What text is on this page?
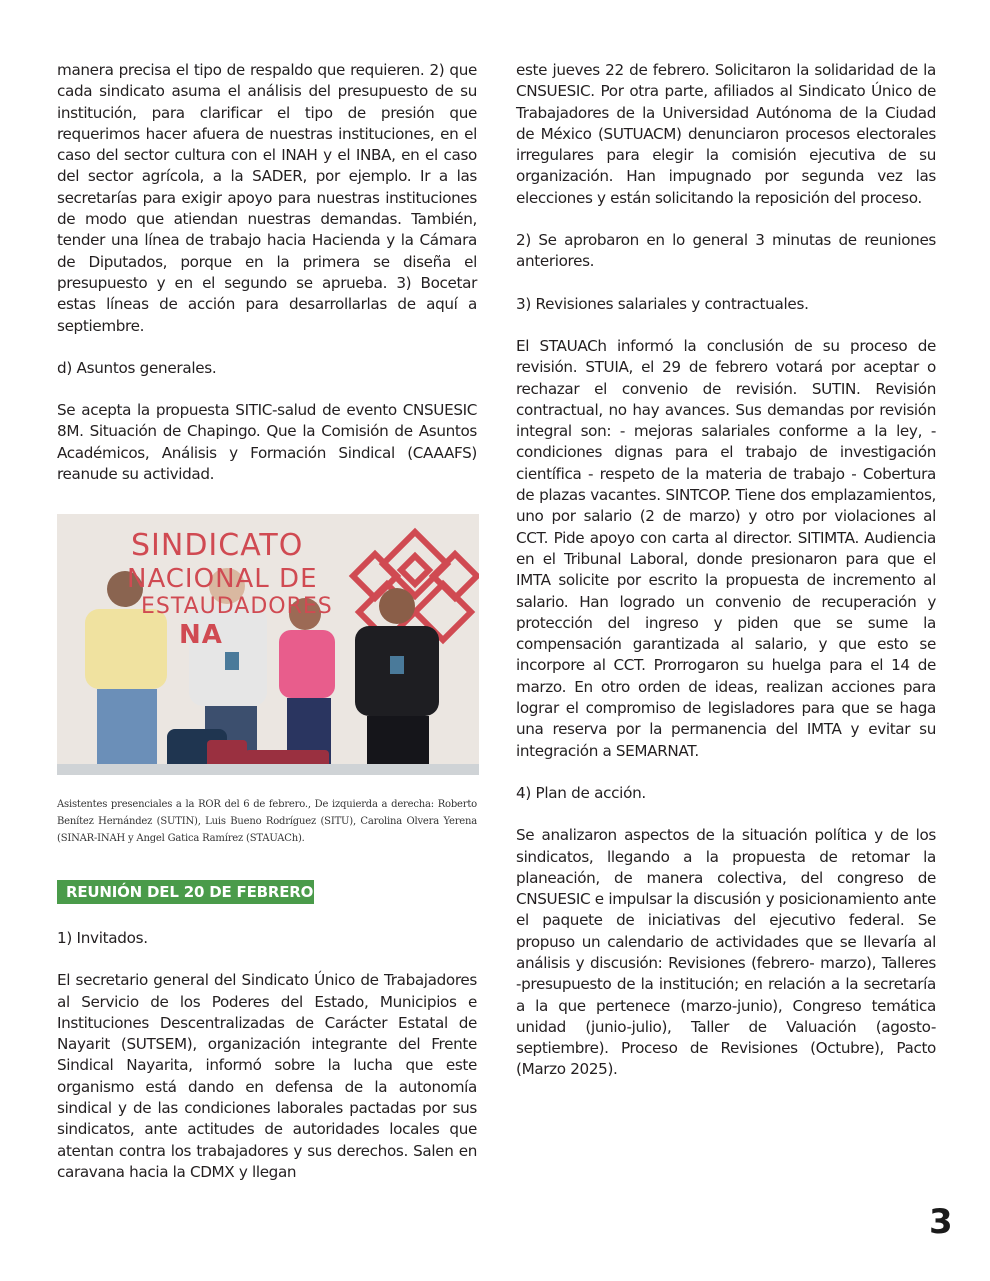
manera precisa el tipo de respaldo que requieren. 2) que cada sindicato asuma el análisis del presupuesto de su institución, para clarificar el tipo de presión que requerimos hacer afuera de nuestras instituciones, en el caso del sector cultura con el INAH y el INBA, en el caso del sector agrícola, a la SADER, por ejemplo. Ir a las secretarías para exigir apoyo para nuestras instituciones de modo que atiendan nuestras demandas. También, tender una línea de trabajo hacia Hacienda y la Cámara de Diputados, porque en la primera se diseña el presupuesto y en el segundo se aprueba. 3) Bocetar estas líneas de acción para desarrollarlas de aquí a septiembre.

d) Asuntos generales.

Se acepta la propuesta SITIC-salud de evento CNSUESIC 8M. Situación de Chapingo. Que la Comisión de Asuntos Académicos, Análisis y Formación Sindical (CAAAFS) reanude su actividad.

SINDICATO
NACIONAL DE
ESTAUDADORES
NA
Asistentes presenciales a la ROR del 6 de febrero., De izquierda a derecha: Roberto Benítez Hernández (SUTIN), Luis Bueno Rodríguez (SITU), Carolina Olvera Yerena (SINAR-INAH y Angel Gatica Ramírez (STAUACh).
REUNIÓN DEL 20 DE FEBRERO

1) Invitados.

El secretario general del Sindicato Único de Trabajadores al Servicio de los Poderes del Estado, Municipios e Instituciones Descentralizadas de Carácter Estatal de Nayarit (SUTSEM), organización integrante del Frente Sindical Nayarita, informó sobre la lucha que este organismo está dando en defensa de la autonomía sindical y de las condiciones laborales pactadas por sus sindicatos, ante actitudes de autoridades locales que atentan contra los trabajadores y sus derechos. Salen en caravana hacia la CDMX y llegan

este jueves 22 de febrero. Solicitaron la solidaridad de la CNSUESIC. Por otra parte, afiliados al Sindicato Único de Trabajadores de la Universidad Autónoma de la Ciudad de México (SUTUACM) denunciaron procesos electorales irregulares para elegir la comisión ejecutiva de su organización. Han impugnado por segunda vez las elecciones y están solicitando la reposición del proceso.

2) Se aprobaron en lo general 3 minutas de reuniones anteriores.

3) Revisiones salariales y contractuales.

El STAUACh informó la conclusión de su proceso de revisión. STUIA, el 29 de febrero votará por aceptar o rechazar el convenio de revisión. SUTIN. Revisión contractual, no hay avances. Sus demandas por revisión integral son: - mejoras salariales conforme a la ley, - condiciones dignas para el trabajo de investigación científica - respeto de la materia de trabajo - Cobertura de plazas vacantes. SINTCOP. Tiene dos emplazamientos, uno por salario (2 de marzo) y otro por violaciones al CCT. Pide apoyo con carta al director. SITIMTA. Audiencia en el Tribunal Laboral, donde presionaron para que el IMTA solicite por escrito la propuesta de incremento al salario. Han logrado un convenio de recuperación y protección del ingreso y piden que se sume la compensación garantizada al salario, y que esto se incorpore al CCT. Prorrogaron su huelga para el 14 de marzo. En otro orden de ideas, realizan acciones para lograr el compromiso de legisladores para que se haga una reserva por la permanencia del IMTA y evitar su integración a SEMARNAT.

4) Plan de acción.

Se analizaron aspectos de la situación política y de los sindicatos, llegando a la propuesta de retomar la planeación, de manera colectiva, del congreso de CNSUESIC e impulsar la discusión y posicionamiento ante el paquete de iniciativas del ejecutivo federal. Se propuso un calendario de actividades que se llevaría al análisis y discusión: Revisiones (febrero- marzo), Talleres -presupuesto de la institución; en relación a la secretaría a la que pertenece (marzo-junio), Congreso temática unidad (junio-julio), Taller de Valuación (agosto-septiembre). Proceso de Revisiones (Octubre), Pacto (Marzo 2025).

3
